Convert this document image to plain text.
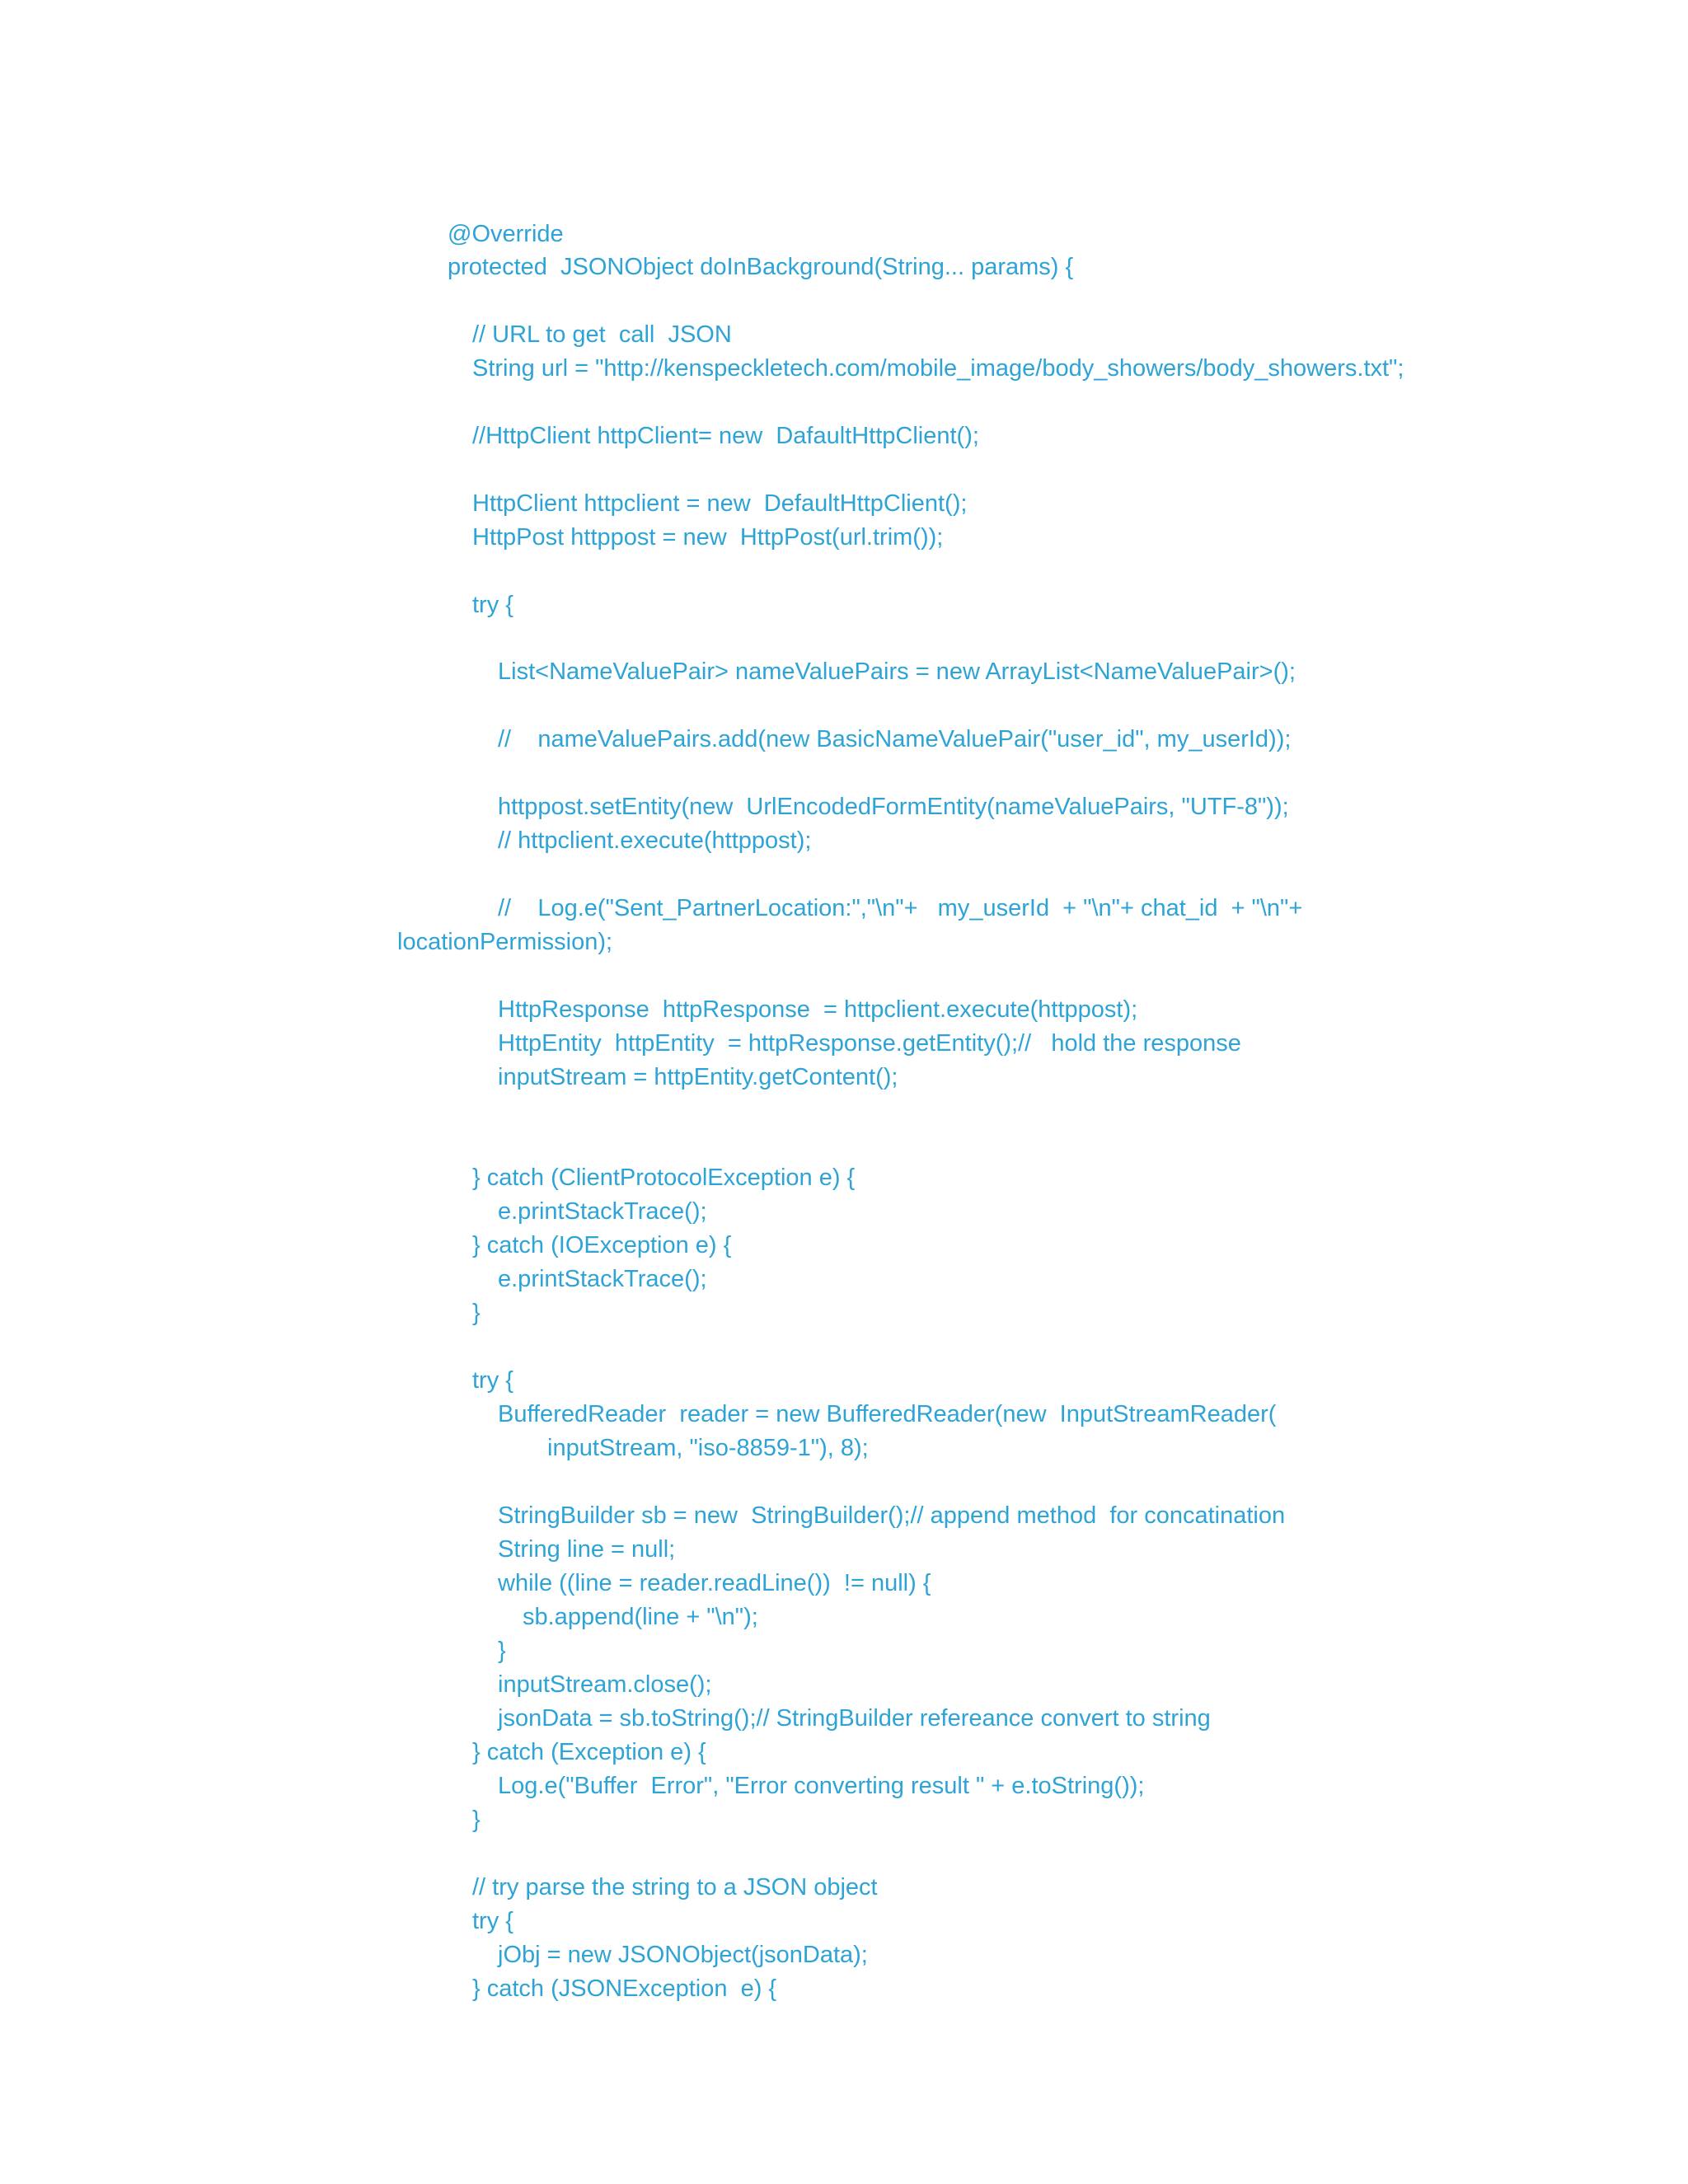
@Override
protected  JSONObject doInBackground(String... params) {
// URL to get  call  JSON
String url = "http://kenspeckletech.com/mobile_image/body_showers/body_showers.txt";
//HttpClient httpClient= new  DafaultHttpClient();
HttpClient httpclient = new  DefaultHttpClient();
HttpPost httppost = new  HttpPost(url.trim());
try {
List<NameValuePair> nameValuePairs = new ArrayList<NameValuePair>();
//    nameValuePairs.add(new BasicNameValuePair("user_id", my_userId));
httppost.setEntity(new  UrlEncodedFormEntity(nameValuePairs, "UTF-8"));
// httpclient.execute(httppost);
//    Log.e("Sent_PartnerLocation:","\n"+   my_userId  + "\n"+ chat_id  + "\n"+
locationPermission);
HttpResponse  httpResponse  = httpclient.execute(httppost);
HttpEntity  httpEntity  = httpResponse.getEntity();//   hold the response
inputStream = httpEntity.getContent();
} catch (ClientProtocolException e) {
e.printStackTrace();
} catch (IOException e) {
e.printStackTrace();
}
try {
BufferedReader  reader = new BufferedReader(new  InputStreamReader(
inputStream, "iso-8859-1"), 8);
StringBuilder sb = new  StringBuilder();// append method  for concatination
String line = null;
while ((line = reader.readLine())  != null) {
sb.append(line + "\n");
}
inputStream.close();
jsonData = sb.toString();// StringBuilder refereance convert to string
} catch (Exception e) {
Log.e("Buffer  Error", "Error converting result " + e.toString());
}
// try parse the string to a JSON object
try {
jObj = new JSONObject(jsonData);
} catch (JSONException  e) {
